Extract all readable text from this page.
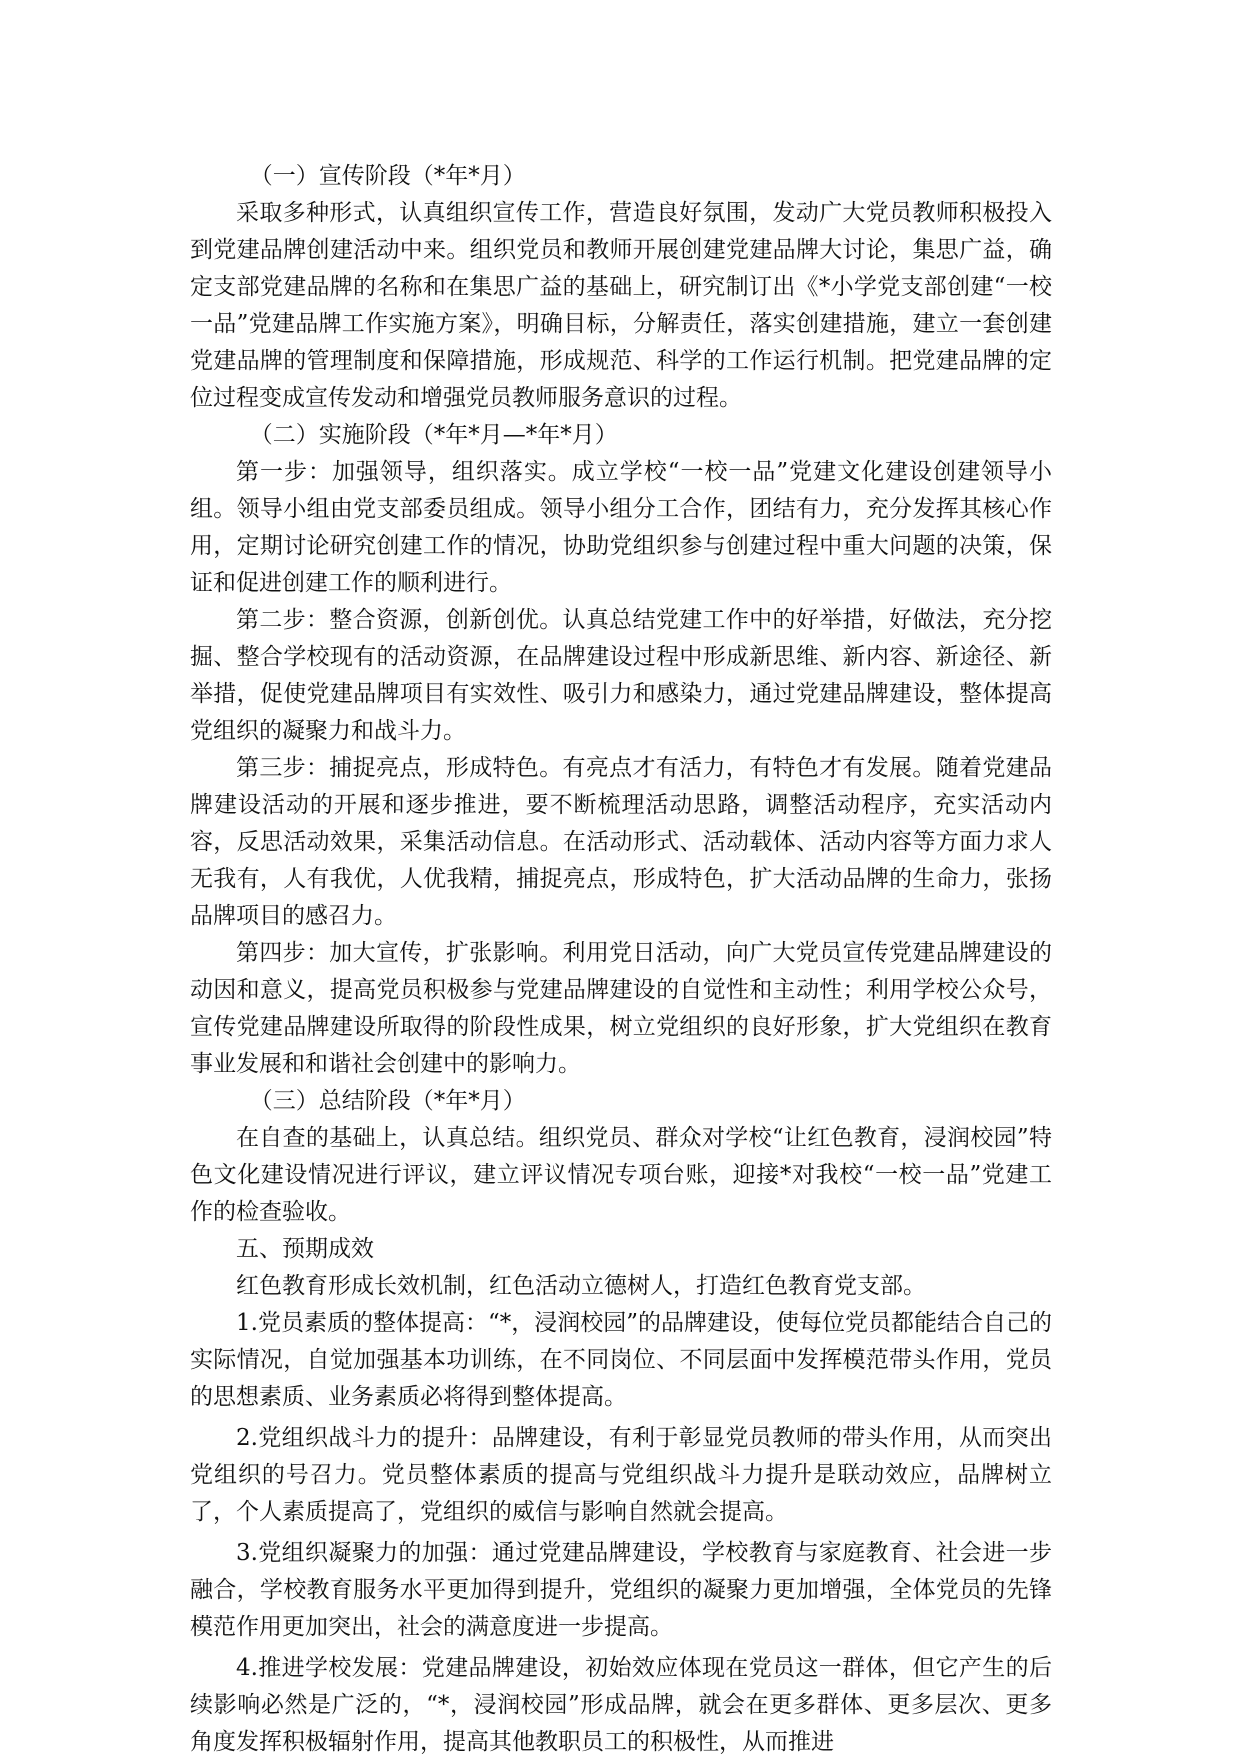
（一）宣传阶段（*年*月）

采取多种形式，认真组织宣传工作，营造良好氛围，发动广大党员教师积极投入到党建品牌创建活动中来。组织党员和教师开展创建党建品牌大讨论，集思广益，确定支部党建品牌的名称和在集思广益的基础上，研究制订出《*小学党支部创建“一校一品”党建品牌工作实施方案》，明确目标，分解责任，落实创建措施，建立一套创建党建品牌的管理制度和保障措施，形成规范、科学的工作运行机制。把党建品牌的定位过程变成宣传发动和增强党员教师服务意识的过程。

（二）实施阶段（*年*月—*年*月）

第一步：加强领导，组织落实。成立学校“一校一品”党建文化建设创建领导小组。领导小组由党支部委员组成。领导小组分工合作，团结有力，充分发挥其核心作用，定期讨论研究创建工作的情况，协助党组织参与创建过程中重大问题的决策，保证和促进创建工作的顺利进行。

第二步：整合资源，创新创优。认真总结党建工作中的好举措，好做法，充分挖掘、整合学校现有的活动资源，在品牌建设过程中形成新思维、新内容、新途径、新举措，促使党建品牌项目有实效性、吸引力和感染力，通过党建品牌建设，整体提高党组织的凝聚力和战斗力。

第三步：捕捉亮点，形成特色。有亮点才有活力，有特色才有发展。随着党建品牌建设活动的开展和逐步推进，要不断梳理活动思路，调整活动程序，充实活动内容，反思活动效果，采集活动信息。在活动形式、活动载体、活动内容等方面力求人无我有，人有我优，人优我精，捕捉亮点，形成特色，扩大活动品牌的生命力，张扬品牌项目的感召力。

第四步：加大宣传，扩张影响。利用党日活动，向广大党员宣传党建品牌建设的动因和意义，提高党员积极参与党建品牌建设的自觉性和主动性；利用学校公众号，宣传党建品牌建设所取得的阶段性成果，树立党组织的良好形象，扩大党组织在教育事业发展和和谐社会创建中的影响力。

（三）总结阶段（*年*月）

在自查的基础上，认真总结。组织党员、群众对学校“让红色教育，浸润校园”特色文化建设情况进行评议，建立评议情况专项台账，迎接*对我校“一校一品”党建工作的检查验收。

五、预期成效

红色教育形成长效机制，红色活动立德树人，打造红色教育党支部。

1.党员素质的整体提高：“*，浸润校园”的品牌建设，使每位党员都能结合自己的实际情况，自觉加强基本功训练，在不同岗位、不同层面中发挥模范带头作用，党员的思想素质、业务素质必将得到整体提高。

2.党组织战斗力的提升：品牌建设，有利于彰显党员教师的带头作用，从而突出党组织的号召力。党员整体素质的提高与党组织战斗力提升是联动效应，品牌树立了，个人素质提高了，党组织的威信与影响自然就会提高。

3.党组织凝聚力的加强：通过党建品牌建设，学校教育与家庭教育、社会进一步融合，学校教育服务水平更加得到提升，党组织的凝聚力更加增强，全体党员的先锋模范作用更加突出，社会的满意度进一步提高。

4.推进学校发展：党建品牌建设，初始效应体现在党员这一群体，但它产生的后续影响必然是广泛的，“*，浸润校园”形成品牌，就会在更多群体、更多层次、更多角度发挥积极辐射作用，提高其他教职员工的积极性，从而推进
